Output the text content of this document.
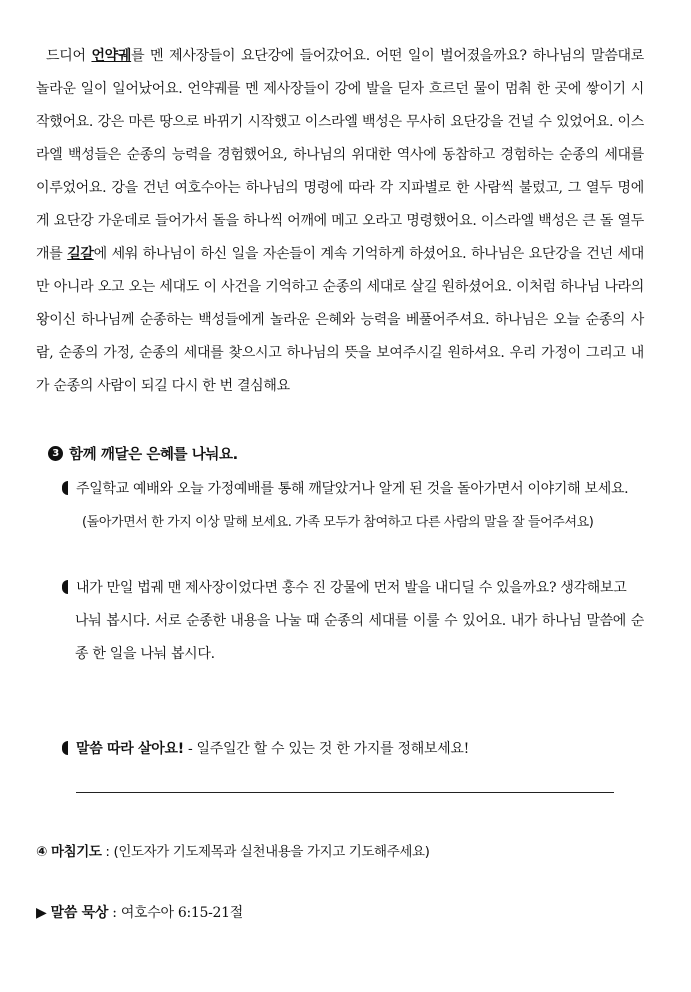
드디어 언약궤를 멘 제사장들이 요단강에 들어갔어요. 어떤 일이 벌어졌을까요? 하나님의 말씀대로 놀라운 일이 일어났어요. 언약궤를 멘 제사장들이 강에 발을 딛자 흐르던 물이 멈춰 한 곳에 쌓이기 시작했어요. 강은 마른 땅으로 바뀌기 시작했고 이스라엘 백성은 무사히 요단강을 건널 수 있었어요. 이스라엘 백성들은 순종의 능력을 경험했어요, 하나님의 위대한 역사에 동참하고 경험하는 순종의 세대를 이루었어요. 강을 건넌 여호수아는 하나님의 명령에 따라 각 지파별로 한 사람씩 불렀고, 그 열두 명에게 요단강 가운데로 들어가서 돌을 하나씩 어깨에 메고 오라고 명령했어요. 이스라엘 백성은 큰 돌 열두 개를 길갈에 세워 하나님이 하신 일을 자손들이 계속 기억하게 하셨어요. 하나님은 요단강을 건넌 세대만 아니라 오고 오는 세대도 이 사건을 기억하고 순종의 세대로 살길 원하셨어요. 이처럼 하나님 나라의 왕이신 하나님께 순종하는 백성들에게 놀라운 은혜와 능력을 베풀어주셔요. 하나님은 오늘 순종의 사람, 순종의 가정, 순종의 세대를 찾으시고 하나님의 뜻을 보여주시길 원하셔요. 우리 가정이 그리고 내가 순종의 사람이 되길 다시 한 번 결심해요

3 함께 깨달은 은혜를 나눠요.
주일학교 예배와 오늘 가정예배를 통해 깨달았거나 알게 된 것을 돌아가면서 이야기해 보세요.
(돌아가면서 한 가지 이상 말해 보세요. 가족 모두가 참여하고 다른 사람의 말을 잘 들어주셔요)
내가 만일 법궤 맨 제사장이었다면 홍수 진 강물에 먼저 발을 내디딜 수 있을까요? 생각해보고
나눠 봅시다. 서로 순종한 내용을 나눌 때 순종의 세대를 이룰 수 있어요. 내가 하나님 말씀에 순종 한 일을 나눠 봅시다.
말씀 따라 살아요! - 일주일간 할 수 있는 것 한 가지를 정해보세요!
④ 마침기도 : (인도자가 기도제목과 실천내용을 가지고 기도해주세요)
▶ 말씀 묵상 : 여호수아 6:15-21절
